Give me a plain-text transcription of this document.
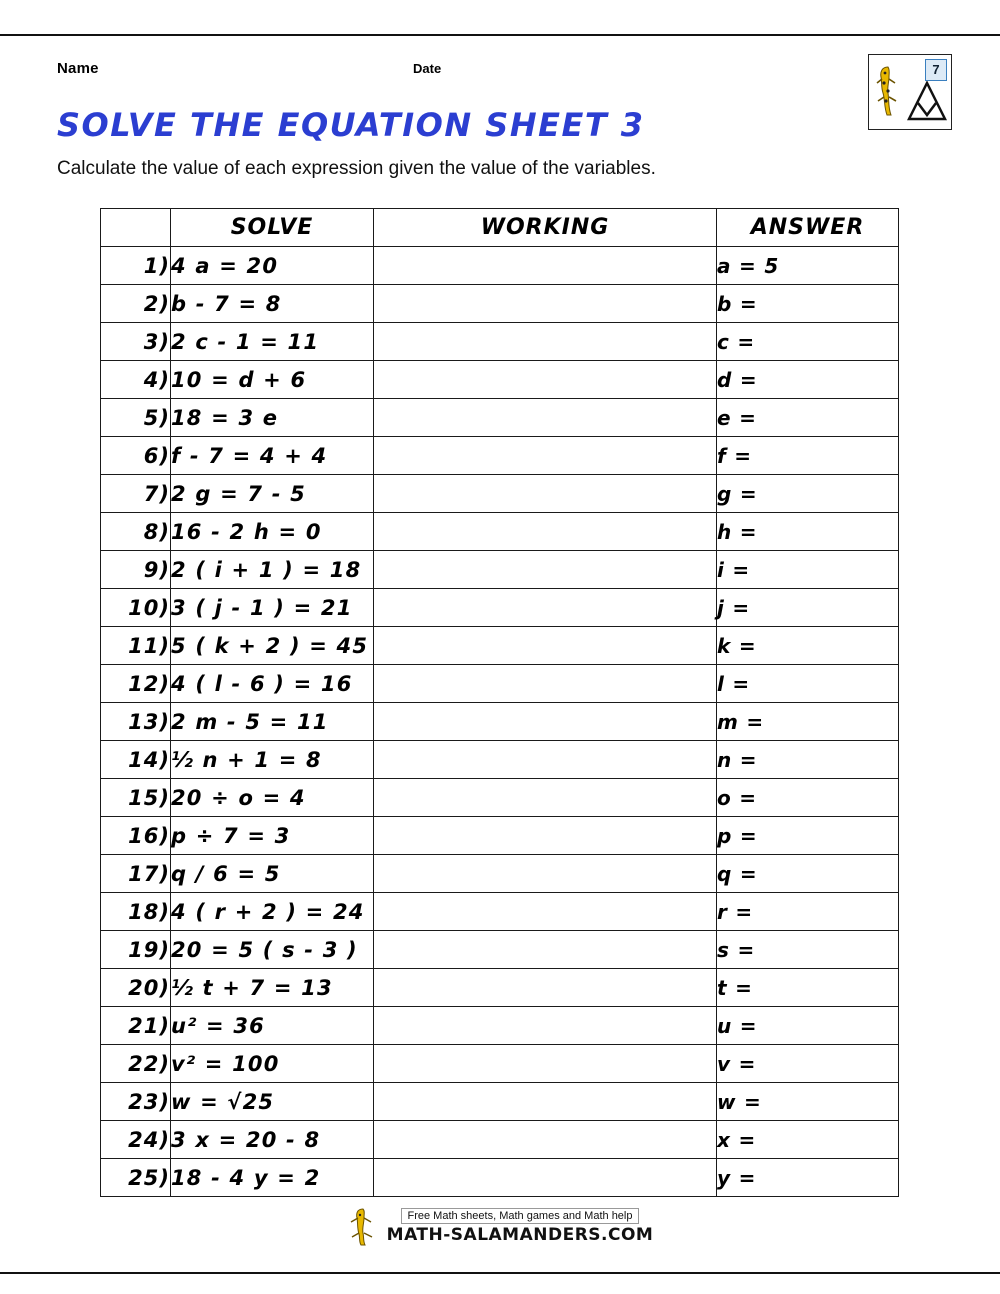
Name	Date
SOLVE THE EQUATION SHEET 3
Calculate the value of each expression given the value of the variables.
7
	SOLVE	WORKING	ANSWER
1)	4 a = 20		a = 5
2)	b - 7 = 8		b =
3)	2 c - 1 = 11		c =
4)	10 = d + 6		d =
5)	18 = 3 e		e =
6)	f - 7 = 4 + 4		f =
7)	2 g = 7 - 5		g =
8)	16 - 2 h = 0		h =
9)	2 ( i + 1 ) = 18		i =
10)	3 ( j - 1 ) = 21		j =
11)	5 ( k + 2 ) = 45		k =
12)	4 ( l - 6 ) = 16		l =
13)	2 m - 5 = 11		m =
14)	½ n + 1 = 8		n =
15)	20 ÷ o = 4		o =
16)	p ÷ 7 = 3		p =
17)	q / 6 = 5		q =
18)	4 ( r + 2 ) = 24		r =
19)	20 = 5 ( s - 3 )		s =
20)	½ t + 7 = 13		t =
21)	u² = 36		u =
22)	v² = 100		v =
23)	w = √25		w =
24)	3 x = 20 - 8		x =
25)	18 - 4 y = 2		y =
Free Math sheets, Math games and Math help
MATH-SALAMANDERS.COM
